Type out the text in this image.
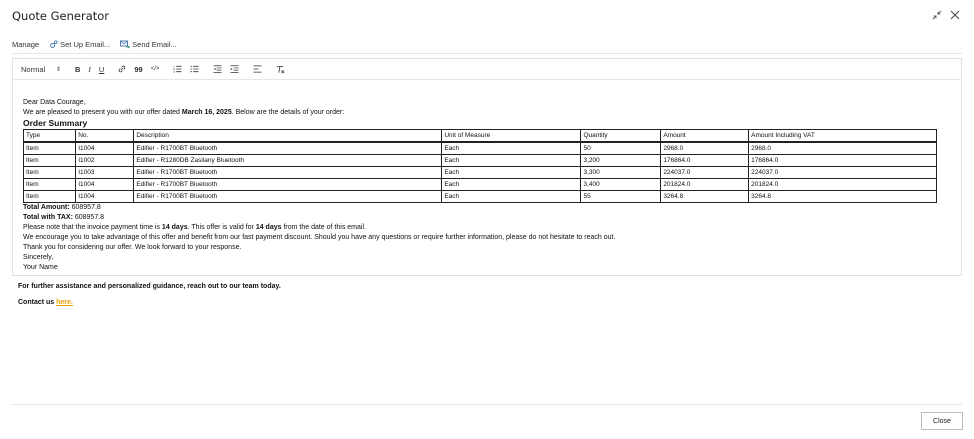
Quote Generator
Manage	Set Up Email...	Send Email...
Normal ⇕ B I U	99 </>

Dear Data Courage,

We are pleased to present you with our offer dated March 16, 2025. Below are the details of your order:

Order Summary

Type	No.	Description	Unit of Measure	Quantity	Amount	Amount Including VAT
Item	I1004	Edifier - R1700BT Bluetooth	Each	50	2968.0	2968.0
Item	I1002	Edifier - R1280DB Zasilany Bluetooth	Each	3,200	176864.0	176864.0
Item	I1003	Edifier - R1700BT Bluetooth	Each	3,300	224037.0	224037.0
Item	I1004	Edifier - R1700BT Bluetooth	Each	3,400	201824.0	201824.0
Item	I1004	Edifier - R1700BT Bluetooth	Each	55	3264.8	3264.8

Total Amount: 608957.8

Total with TAX: 608957.8

Please note that the invoice payment time is 14 days. This offer is valid for 14 days from the date of this email.

We encourage you to take advantage of this offer and benefit from our fast payment discount. Should you have any questions or require further information, please do not hesitate to reach out.

Thank you for considering our offer. We look forward to your response.

Sincerely,

Your Name

For further assistance and personalized guidance, reach out to our team today.

Contact us here.

Close
